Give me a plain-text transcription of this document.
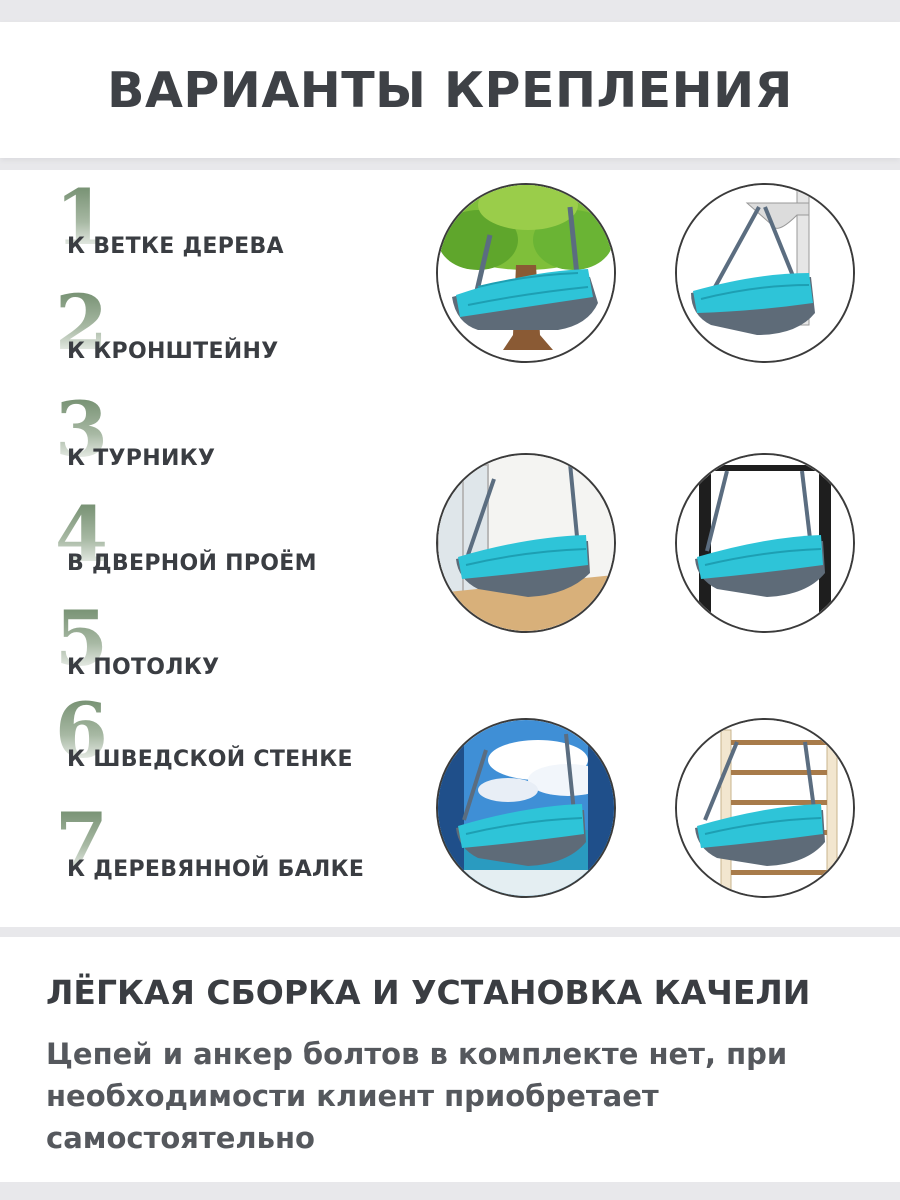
ВАРИАНТЫ КРЕПЛЕНИЯ
1
К ВЕТКЕ ДЕРЕВА
2
К КРОНШТЕЙНУ
3
К ТУРНИКУ
4
В ДВЕРНОЙ ПРОЁМ
5
К ПОТОЛКУ
6
К ШВЕДСКОЙ СТЕНКЕ
7
К ДЕРЕВЯННОЙ БАЛКЕ
ЛЁГКАЯ СБОРКА И УСТАНОВКА КАЧЕЛИ

Цепей и анкер болтов в комплекте нет, при необходимости клиент приобретает самостоятельно
